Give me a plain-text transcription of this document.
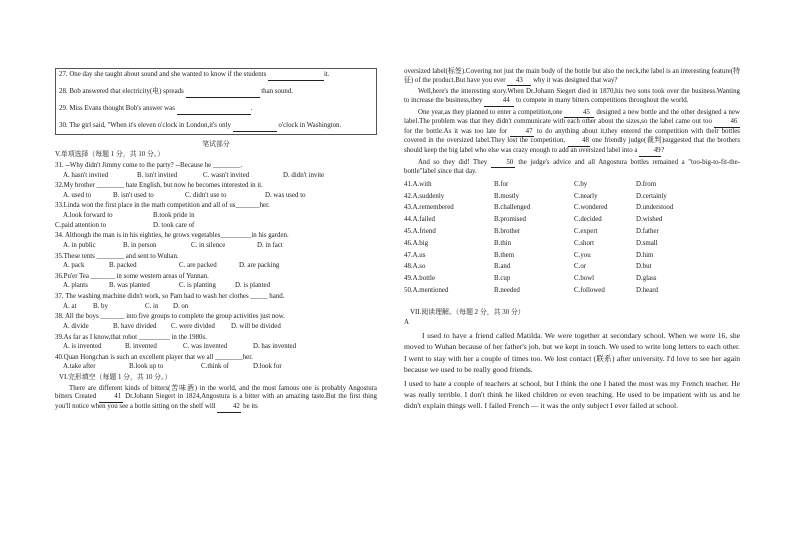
27. One day she taught about sound and she wanted to know if the students	it.
28. Bob answered that electricity(电) spreads	than sound.
29. Miss Evans thought Bob's answer was	.
30. The girl said, "When it's eleven o'clock in London,it's only	o'clock in Washington.
笔试部分
V.单项选择（每题 1 分，共 10 分。）
31. --Why didn't Jimmy come to the party? --Because he ________.
A. hasn't invited	B. isn't invited	C. wasn't invited	D. didn't invite
32.My brother ________ hate English, but now he becomes interested in it.
A. used to	B. isn't used to	C. didn't use to	D. was used to
33.Linda won the first place in the math competition and all of us_______her.
A.look forward to	B.took pride in
C.paid attention to	D. took care of
34. Although the man is in his eighties, he grows vegetables_________in his garden.
A. in public	B. in person	C. in silence	D. in fact
35.These tents ________ and sent to Wuhan.
A. pack	B. packed	C. are packed	D. are packing
36.Pu'er Tea _______ in some western areas of Yunnan.
A. plants	B. was planted	C. is planting	D. is planted
37. The washing machine didn't work, so Pam had to wash her clothes _____ hand.
A. at	B. by	C. in	D. on
38. All the boys _______ into five groups to complete the group activities just now.
A. divide	B. have divided	C. were divided	D. will be divided
39.As far as I know,that robot _________ in the 1980s.
A. is invented	B. invented	C. was invented	D. has invented
40.Quan Hongchan is such an excellent player that we all ________her.
A.take after	B.look up to	C.think of	D.look for
VI.完形填空（每题 1 分，共 10 分。）

There are different kinds of bitters(苦味酒) in the world, and the most famous one is probably Angostura bitters Created	41 Dr.Johann Siegert in 1824,Angostura is a bitter with an amazing taste.But the first thing you'll notice when you see a bottle sitting on the shelf will	42 be its

oversized label(标签).Covering not just the main body of the bottle but also the neck,the label is an interesting feature(特征) of the product.But have you ever 43 why it was designed that way?

Well,here's the interesting story.When Dr.Johann Siegert died in 1870,his two sons took over the business.Wanting to increase the business,they	44 to compete in many bitters competitions throughout the world.

One year,as they planned to enter a competition,one	45 designed a new bottle and the other designed a new label.The problem was that they didn't communicate with each other about the sizes,so the label came out too	46 for the bottle.As it was too late for	47 to do anything about it,they entered the competition with their bottles covered in the oversized label.They lost the competition, 48 one friendly judge(裁判)suggested that the brothers should keep the big label who else was crazy enough to add an oversized label into a 49?

And so they did! They	50 the judge's advice and all Angostura bottles remained a "too-big-to-fit-the-bottle"label since that day.

41.A.with	B.for	C.by	D.from
42.A.suddenly	B.mostly	C.nearly	D.certainly
43.A.remembered	B.challenged	C.wondered	D.understood
44.A.failed	B.promised	C.decided	D.wished
45.A.friend	B.brother	C.expert	D.father
46.A.big	B.thin	C.short	D.small
47.A.us	B.them	C.you	D.him
48.A.so	B.and	C.or	D.but
49.A.bottle	B.cup	C.bowl	D.glass
50.A.mentioned	B.needed	C.followed	D.heard
VII.阅读理解。（每题 2 分，共 30 分）
A

I used to have a friend called Matilda. We were together at secondary school. When we were 16, she moved to Wuhan because of her father's job, but we kept in touch. We used to write long letters to each other. I went to stay with her a couple of times too. We lost contact (联系) after university. I'd love to see her again because we used to be really good friends.

I used to hate a couple of teachers at school, but I think the one I hated the most was my French teacher. He was really terrible. I don't think he liked children or even teaching. He used to be impatient with us and he didn't explain things well. I failed French — it was the only subject I ever failed at school.
